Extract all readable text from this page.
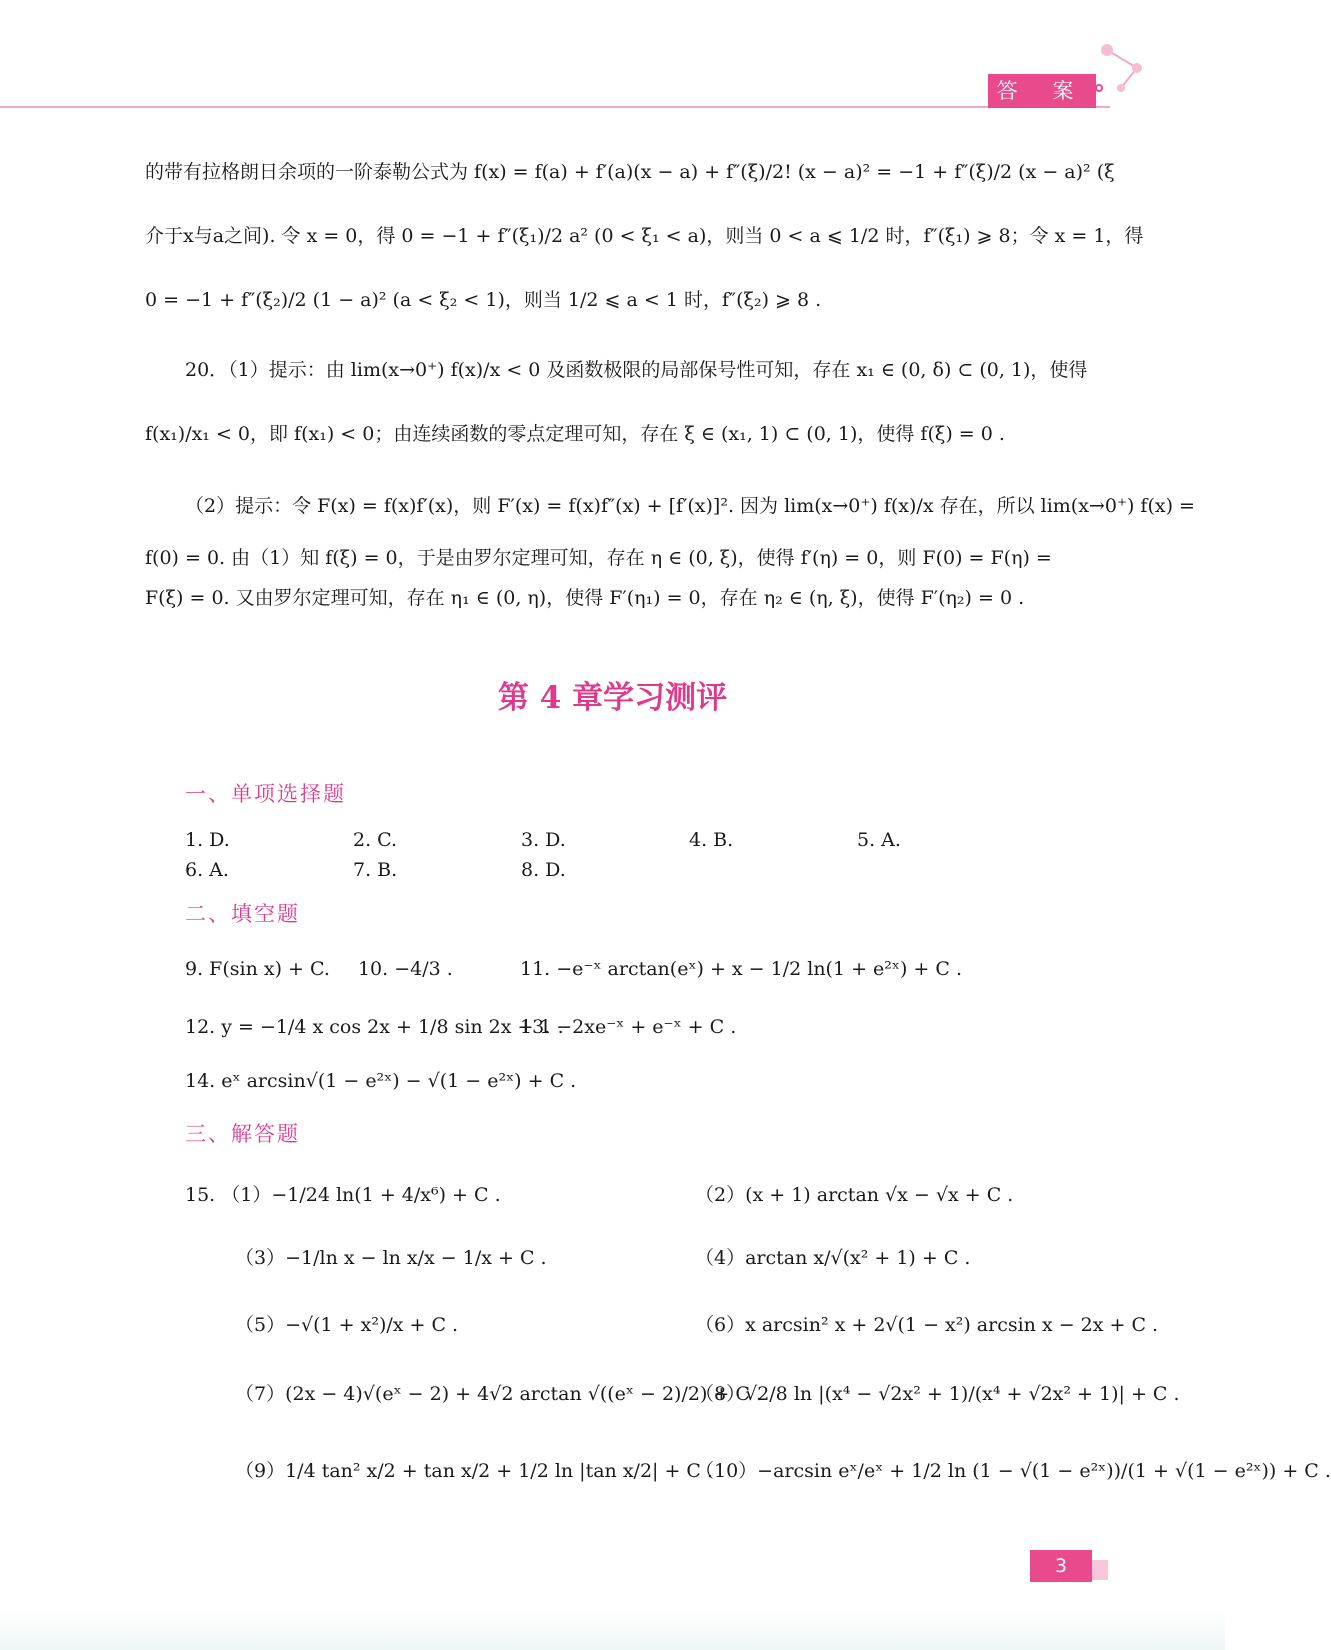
答 案
的带有拉格朗日余项的一阶泰勒公式为 f(x) = f(a) + f′(a)(x − a) + f″(ξ)/2! (x − a)² = −1 + f″(ξ)/2 (x − a)² (ξ
介于x与a之间). 令 x = 0，得 0 = −1 + f″(ξ₁)/2 a² (0 < ξ₁ < a)，则当 0 < a ⩽ 1/2 时，f″(ξ₁) ⩾ 8；令 x = 1，得
0 = −1 + f″(ξ₂)/2 (1 − a)² (a < ξ₂ < 1)，则当 1/2 ⩽ a < 1 时，f″(ξ₂) ⩾ 8 .
20．（1）提示：由 lim(x→0⁺) f(x)/x < 0 及函数极限的局部保号性可知，存在 x₁ ∈ (0, δ) ⊂ (0, 1)，使得
f(x₁)/x₁ < 0，即 f(x₁) < 0；由连续函数的零点定理可知，存在 ξ ∈ (x₁, 1) ⊂ (0, 1)，使得 f(ξ) = 0 .
（2）提示：令 F(x) = f(x)f′(x)，则 F′(x) = f(x)f″(x) + [f′(x)]². 因为 lim(x→0⁺) f(x)/x 存在，所以 lim(x→0⁺) f(x) =
f(0) = 0. 由（1）知 f(ξ) = 0，于是由罗尔定理可知，存在 η ∈ (0, ξ)，使得 f′(η) = 0，则 F(0) = F(η) =
F(ξ) = 0. 又由罗尔定理可知，存在 η₁ ∈ (0, η)，使得 F′(η₁) = 0，存在 η₂ ∈ (η, ξ)，使得 F′(η₂) = 0 .
第 4 章学习测评
一、单项选择题
1. D.	2. C.	3. D.	4. B.	5. A.
6. A.	7. B.	8. D.
二、填空题
9. F(sin x) + C. 10. −4/3 .	11. −e⁻ˣ arctan(eˣ) + x − 1/2 ln(1 + e²ˣ) + C .
12. y = −1/4 x cos 2x + 1/8 sin 2x + 1 .
13. −2xe⁻ˣ + e⁻ˣ + C .
14. eˣ arcsin√(1 − e²ˣ) − √(1 − e²ˣ) + C .
三、解答题
15. （1）−1/24 ln(1 + 4/x⁶) + C .	（2）(x + 1) arctan √x − √x + C .
（3）−1/ln x − ln x/x − 1/x + C .	（4）arctan x/√(x² + 1) + C .
（5）−√(1 + x²)/x + C .	（6）x arcsin² x + 2√(1 − x²) arcsin x − 2x + C .
（7）(2x − 4)√(eˣ − 2) + 4√2 arctan √((eˣ − 2)/2) + C .
（8）√2/8 ln |(x⁴ − √2x² + 1)/(x⁴ + √2x² + 1)| + C .
（9）1/4 tan² x/2 + tan x/2 + 1/2 ln |tan x/2| + C .
（10）−arcsin eˣ/eˣ + 1/2 ln (1 − √(1 − e²ˣ))/(1 + √(1 − e²ˣ)) + C .
3
